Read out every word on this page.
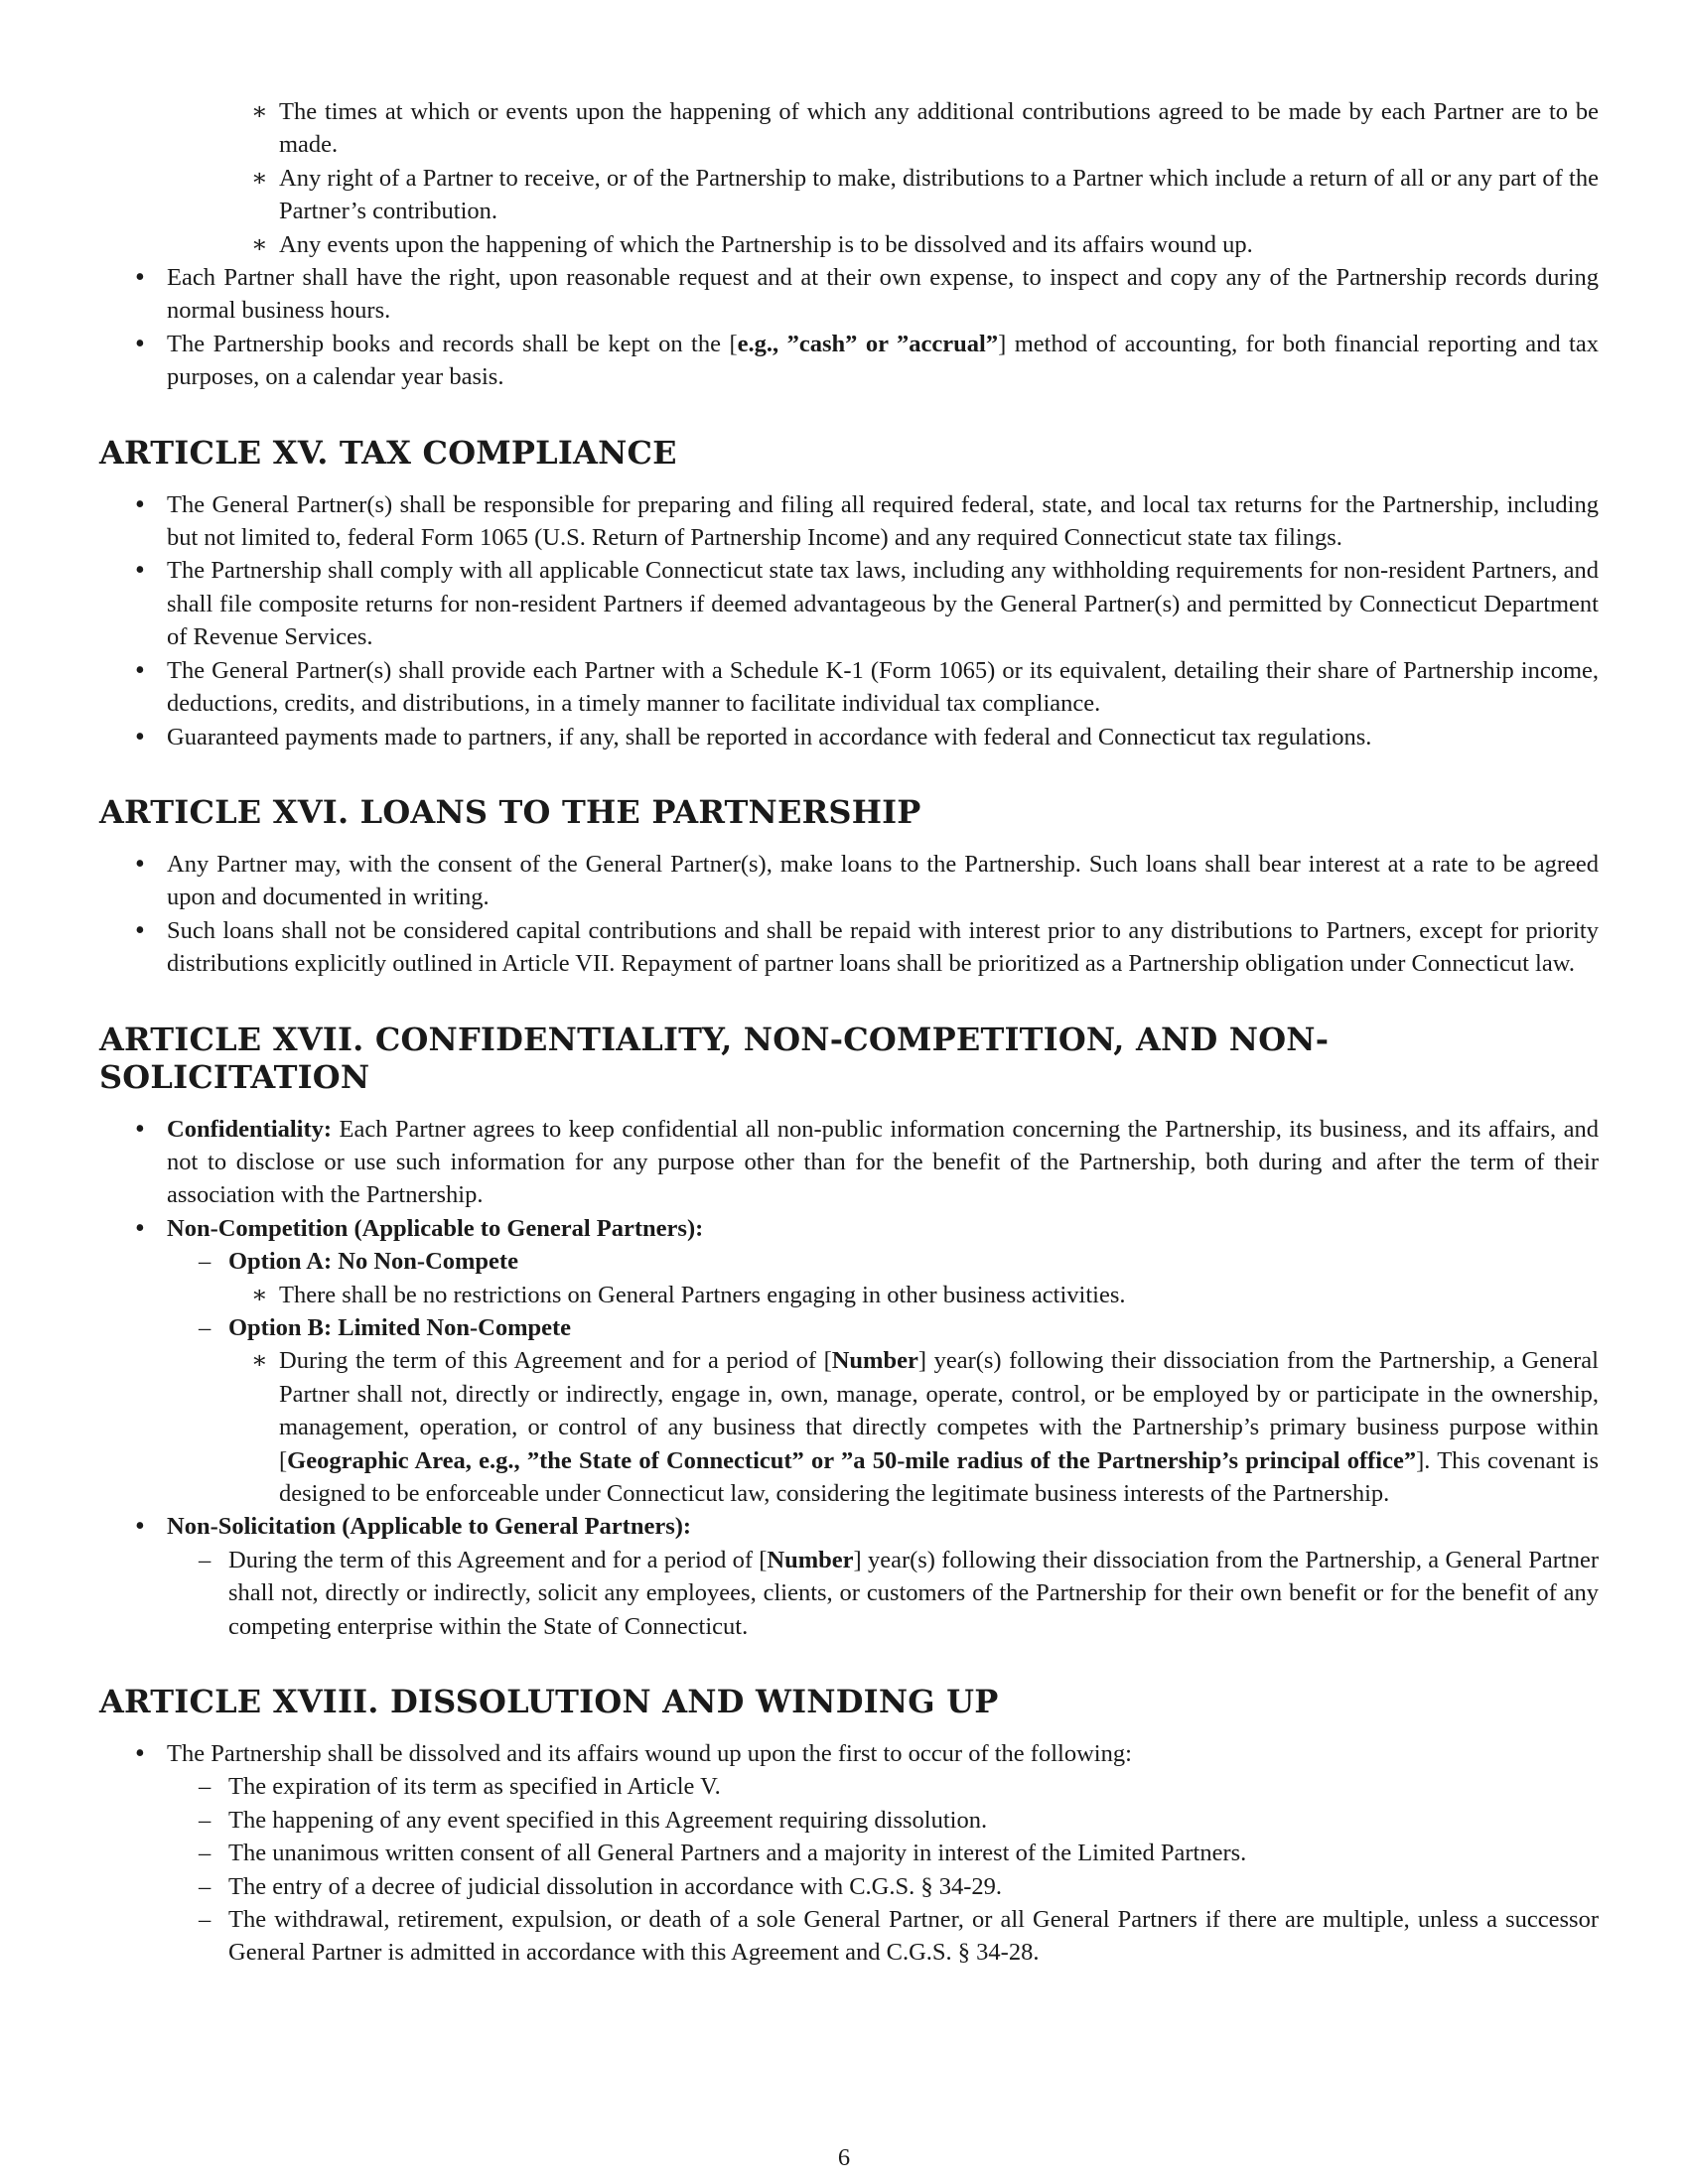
∗ The times at which or events upon the happening of which any additional contributions agreed to be made by each Partner are to be made.
∗ Any right of a Partner to receive, or of the Partnership to make, distributions to a Partner which include a return of all or any part of the Partner’s contribution.
∗ Any events upon the happening of which the Partnership is to be dissolved and its affairs wound up.
• Each Partner shall have the right, upon reasonable request and at their own expense, to inspect and copy any of the Partnership records during normal business hours.
• The Partnership books and records shall be kept on the [e.g., ”cash” or ”accrual”] method of accounting, for both financial reporting and tax purposes, on a calendar year basis.
ARTICLE XV. TAX COMPLIANCE
• The General Partner(s) shall be responsible for preparing and filing all required federal, state, and local tax returns for the Partnership, including but not limited to, federal Form 1065 (U.S. Return of Partnership Income) and any required Connecticut state tax filings.
• The Partnership shall comply with all applicable Connecticut state tax laws, including any withholding requirements for non-resident Partners, and shall file composite returns for non-resident Partners if deemed advantageous by the General Partner(s) and permitted by Connecticut Department of Revenue Services.
• The General Partner(s) shall provide each Partner with a Schedule K-1 (Form 1065) or its equivalent, detailing their share of Partnership income, deductions, credits, and distributions, in a timely manner to facilitate individual tax compliance.
• Guaranteed payments made to partners, if any, shall be reported in accordance with federal and Connecticut tax regulations.
ARTICLE XVI. LOANS TO THE PARTNERSHIP
• Any Partner may, with the consent of the General Partner(s), make loans to the Partnership. Such loans shall bear interest at a rate to be agreed upon and documented in writing.
• Such loans shall not be considered capital contributions and shall be repaid with interest prior to any distributions to Partners, except for priority distributions explicitly outlined in Article VII. Repayment of partner loans shall be prioritized as a Partnership obligation under Connecticut law.
ARTICLE XVII. CONFIDENTIALITY, NON-COMPETITION, AND NON-SOLICITATION
• Confidentiality: Each Partner agrees to keep confidential all non-public information concerning the Partnership, its business, and its affairs, and not to disclose or use such information for any purpose other than for the benefit of the Partnership, both during and after the term of their association with the Partnership.
• Non-Competition (Applicable to General Partners):
– Option A: No Non-Compete
∗ There shall be no restrictions on General Partners engaging in other business activities.
– Option B: Limited Non-Compete
∗ During the term of this Agreement and for a period of [Number] year(s) following their dissociation from the Partnership, a General Partner shall not, directly or indirectly, engage in, own, manage, operate, control, or be employed by or participate in the ownership, management, operation, or control of any business that directly competes with the Partnership’s primary business purpose within [Geographic Area, e.g., ”the State of Connecticut” or ”a 50-mile radius of the Partnership’s principal office”]. This covenant is designed to be enforceable under Connecticut law, considering the legitimate business interests of the Partnership.
• Non-Solicitation (Applicable to General Partners):
– During the term of this Agreement and for a period of [Number] year(s) following their dissociation from the Partnership, a General Partner shall not, directly or indirectly, solicit any employees, clients, or customers of the Partnership for their own benefit or for the benefit of any competing enterprise within the State of Connecticut.
ARTICLE XVIII. DISSOLUTION AND WINDING UP
• The Partnership shall be dissolved and its affairs wound up upon the first to occur of the following:
– The expiration of its term as specified in Article V.
– The happening of any event specified in this Agreement requiring dissolution.
– The unanimous written consent of all General Partners and a majority in interest of the Limited Partners.
– The entry of a decree of judicial dissolution in accordance with C.G.S. § 34-29.
– The withdrawal, retirement, expulsion, or death of a sole General Partner, or all General Partners if there are multiple, unless a successor General Partner is admitted in accordance with this Agreement and C.G.S. § 34-28.
6
